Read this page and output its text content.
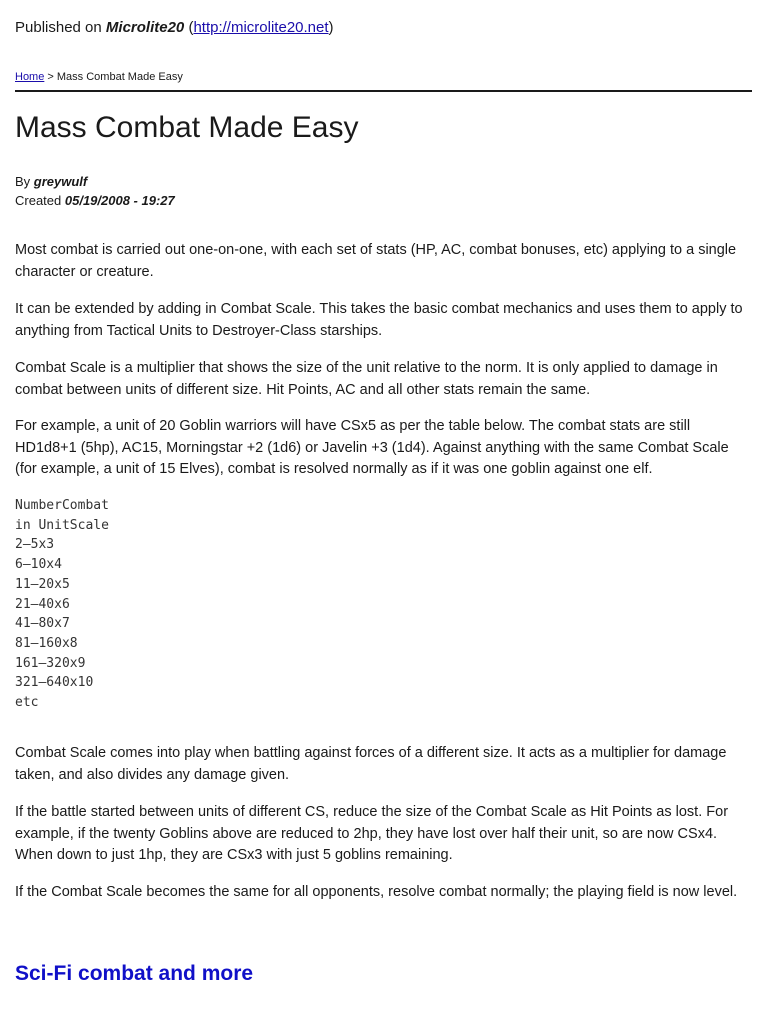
Published on Microlite20 (http://microlite20.net)
Home > Mass Combat Made Easy
Mass Combat Made Easy
By greywulf
Created 05/19/2008 - 19:27

Most combat is carried out one-on-one, with each set of stats (HP, AC, combat bonuses, etc) applying to a single character or creature.

It can be extended by adding in Combat Scale. This takes the basic combat mechanics and uses them to apply to anything from Tactical Units to Destroyer-Class starships.

Combat Scale is a multiplier that shows the size of the unit relative to the norm. It is only applied to damage in combat between units of different size. Hit Points, AC and all other stats remain the same.

For example, a unit of 20 Goblin warriors will have CSx5 as per the table below. The combat stats are still HD1d8+1 (5hp), AC15, Morningstar +2 (1d6) or Javelin +3 (1d4). Against anything with the same Combat Scale (for example, a unit of 15 Elves), combat is resolved normally as if it was one goblin against one elf.

NumberCombat
in UnitScale
2–5x3
6–10x4
11–20x5
21–40x6
41–80x7
81–160x8
161–320x9
321–640x10
etc

Combat Scale comes into play when battling against forces of a different size. It acts as a multiplier for damage taken, and also divides any damage given.

If the battle started between units of different CS, reduce the size of the Combat Scale as Hit Points as lost. For example, if the twenty Goblins above are reduced to 2hp, they have lost over half their unit, so are now CSx4. When down to just 1hp, they are CSx3 with just 5 goblins remaining.

If the Combat Scale becomes the same for all opponents, resolve combat normally; the playing field is now level.

Sci-Fi combat and more
